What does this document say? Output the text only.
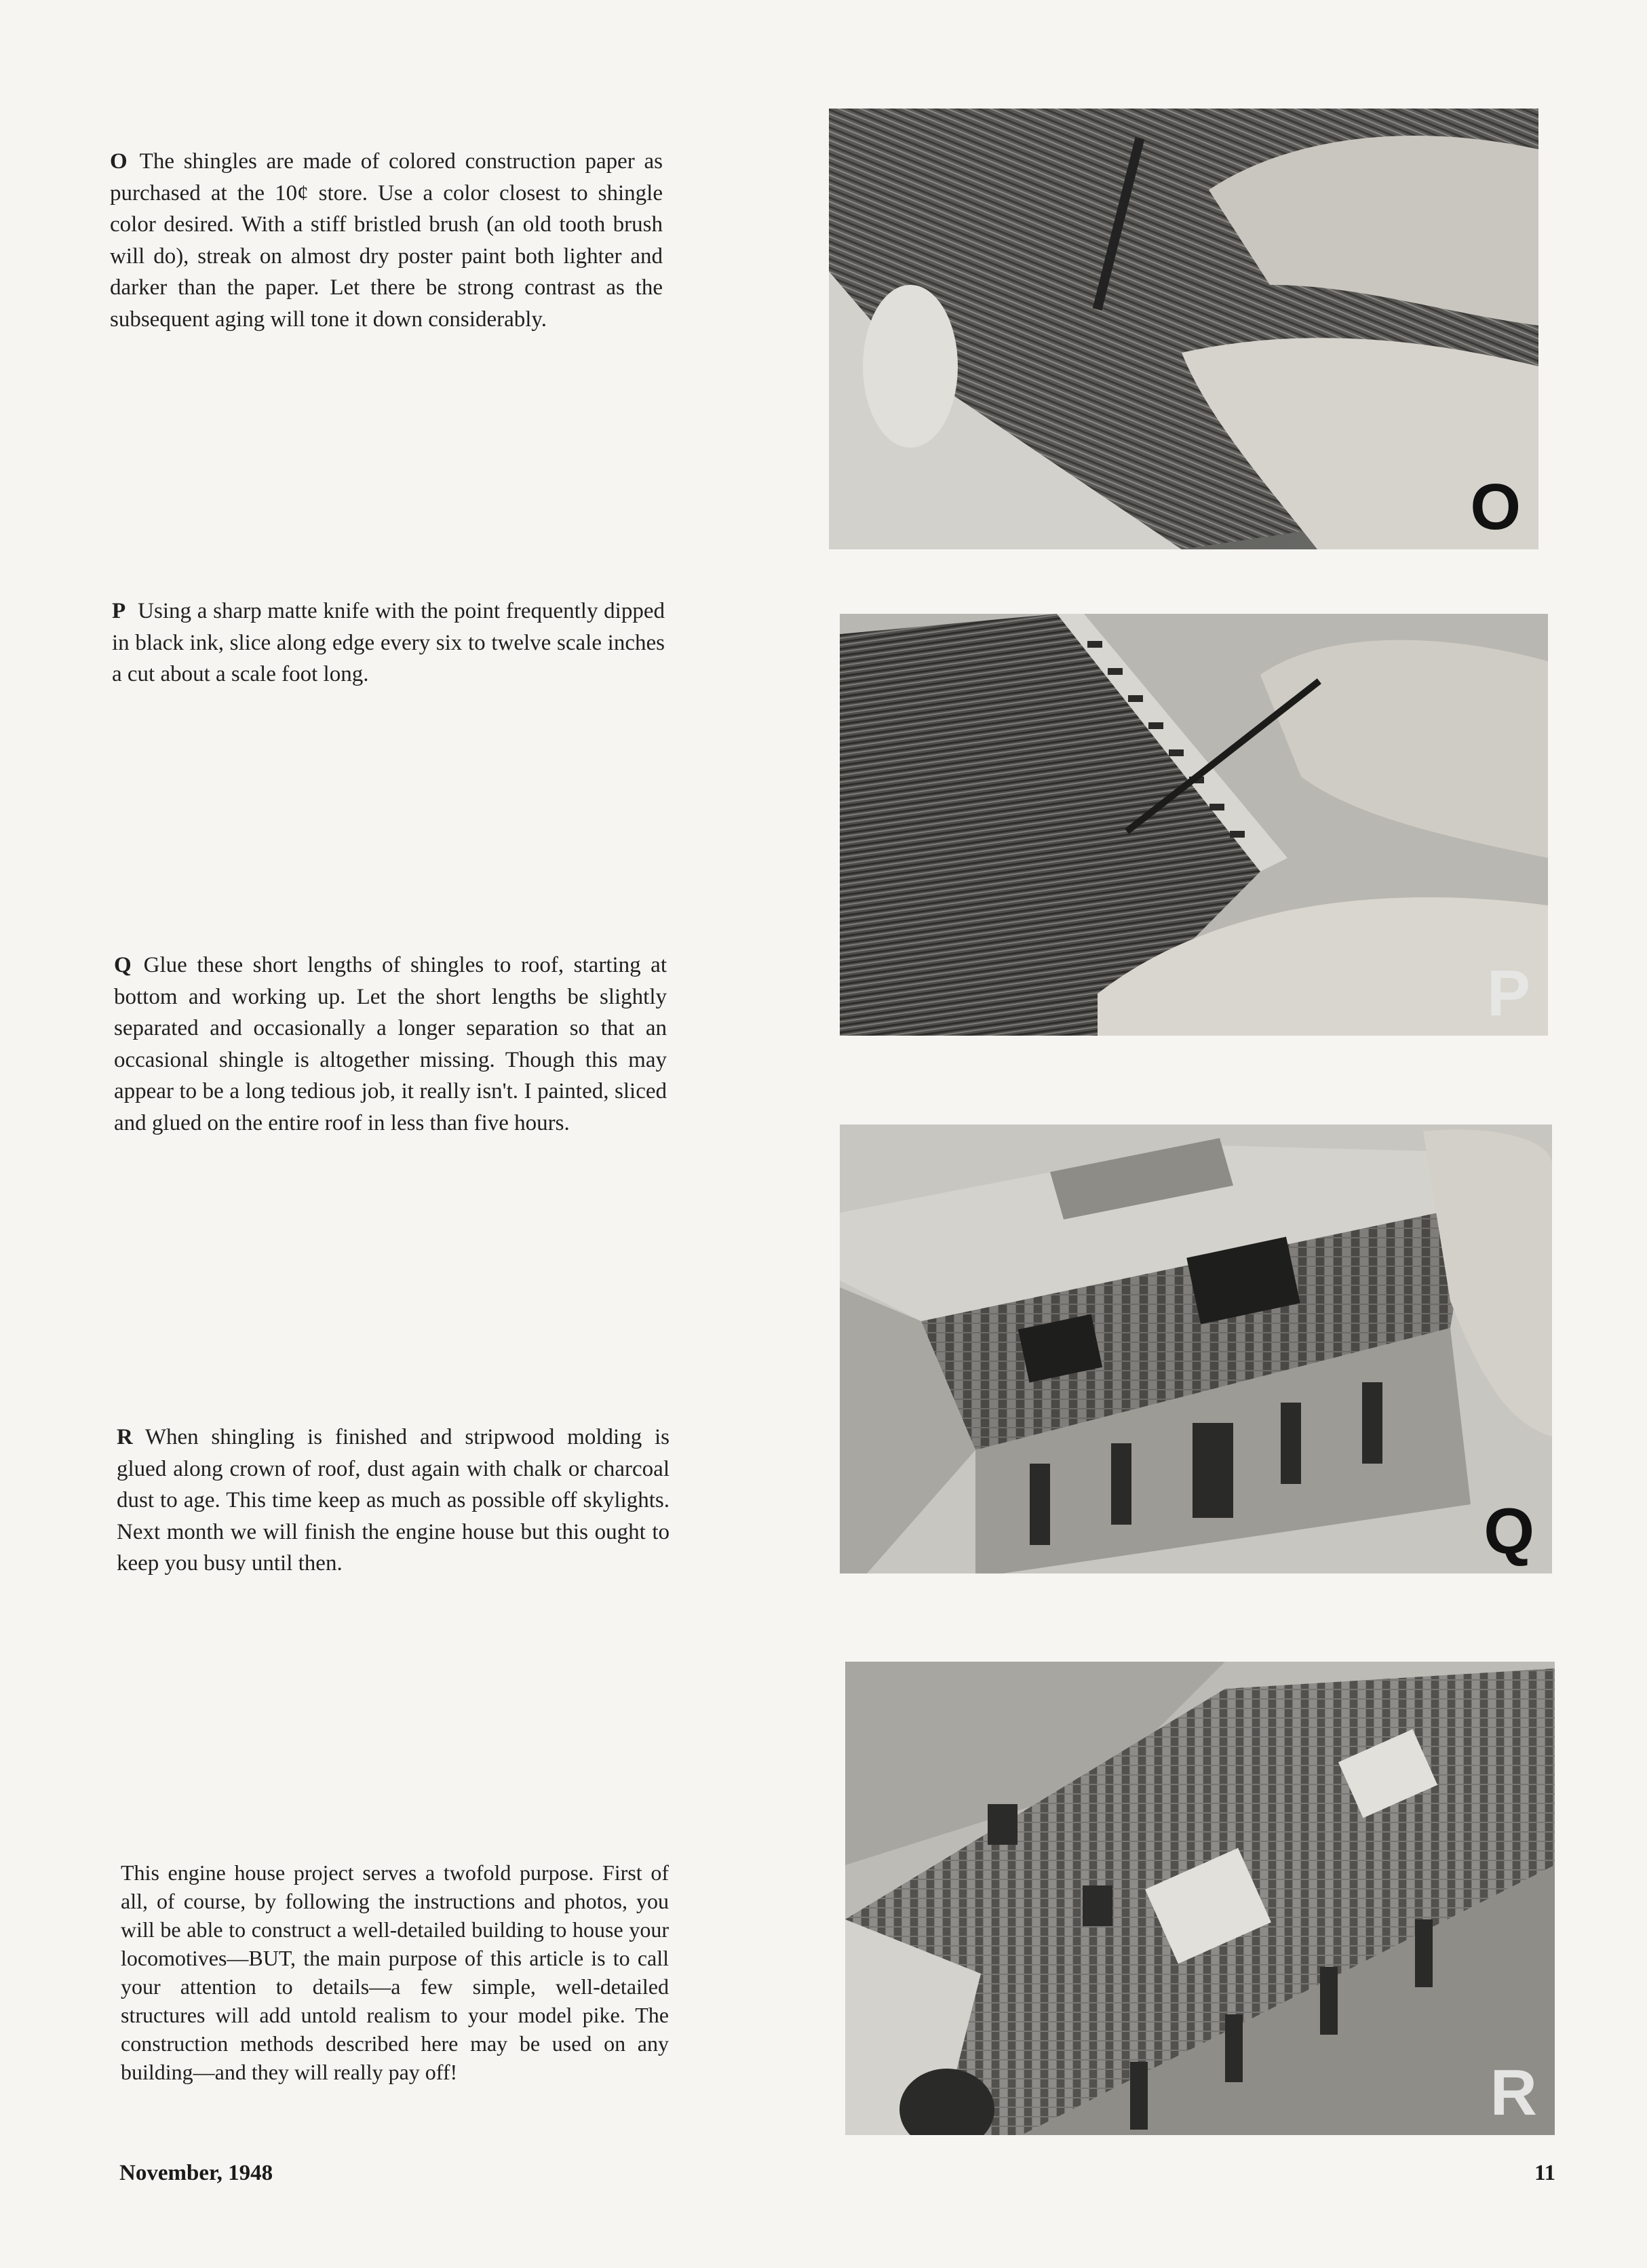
O The shingles are made of colored construction paper as purchased at the 10¢ store. Use a color closest to shingle color desired. With a stiff bristled brush (an old tooth brush will do), streak on almost dry poster paint both lighter and darker than the paper. Let there be strong contrast as the subsequent aging will tone it down considerably.
O
P Using a sharp matte knife with the point frequently dipped in black ink, slice along edge every six to twelve scale inches a cut about a scale foot long.
P
Q Glue these short lengths of shingles to roof, starting at bottom and working up. Let the short lengths be slightly separated and occasionally a longer separation so that an occasional shingle is altogether missing. Though this may appear to be a long tedious job, it really isn't. I painted, sliced and glued on the entire roof in less than five hours.
Q
R When shingling is finished and stripwood molding is glued along crown of roof, dust again with chalk or charcoal dust to age. This time keep as much as possible off skylights. Next month we will finish the engine house but this ought to keep you busy until then.
R
This engine house project serves a twofold purpose. First of all, of course, by following the instructions and photos, you will be able to construct a well-detailed building to house your locomotives—BUT, the main purpose of this article is to call your attention to details—a few simple, well-detailed structures will add untold realism to your model pike. The construction methods described here may be used on any building—and they will really pay off!
November, 1948	11
